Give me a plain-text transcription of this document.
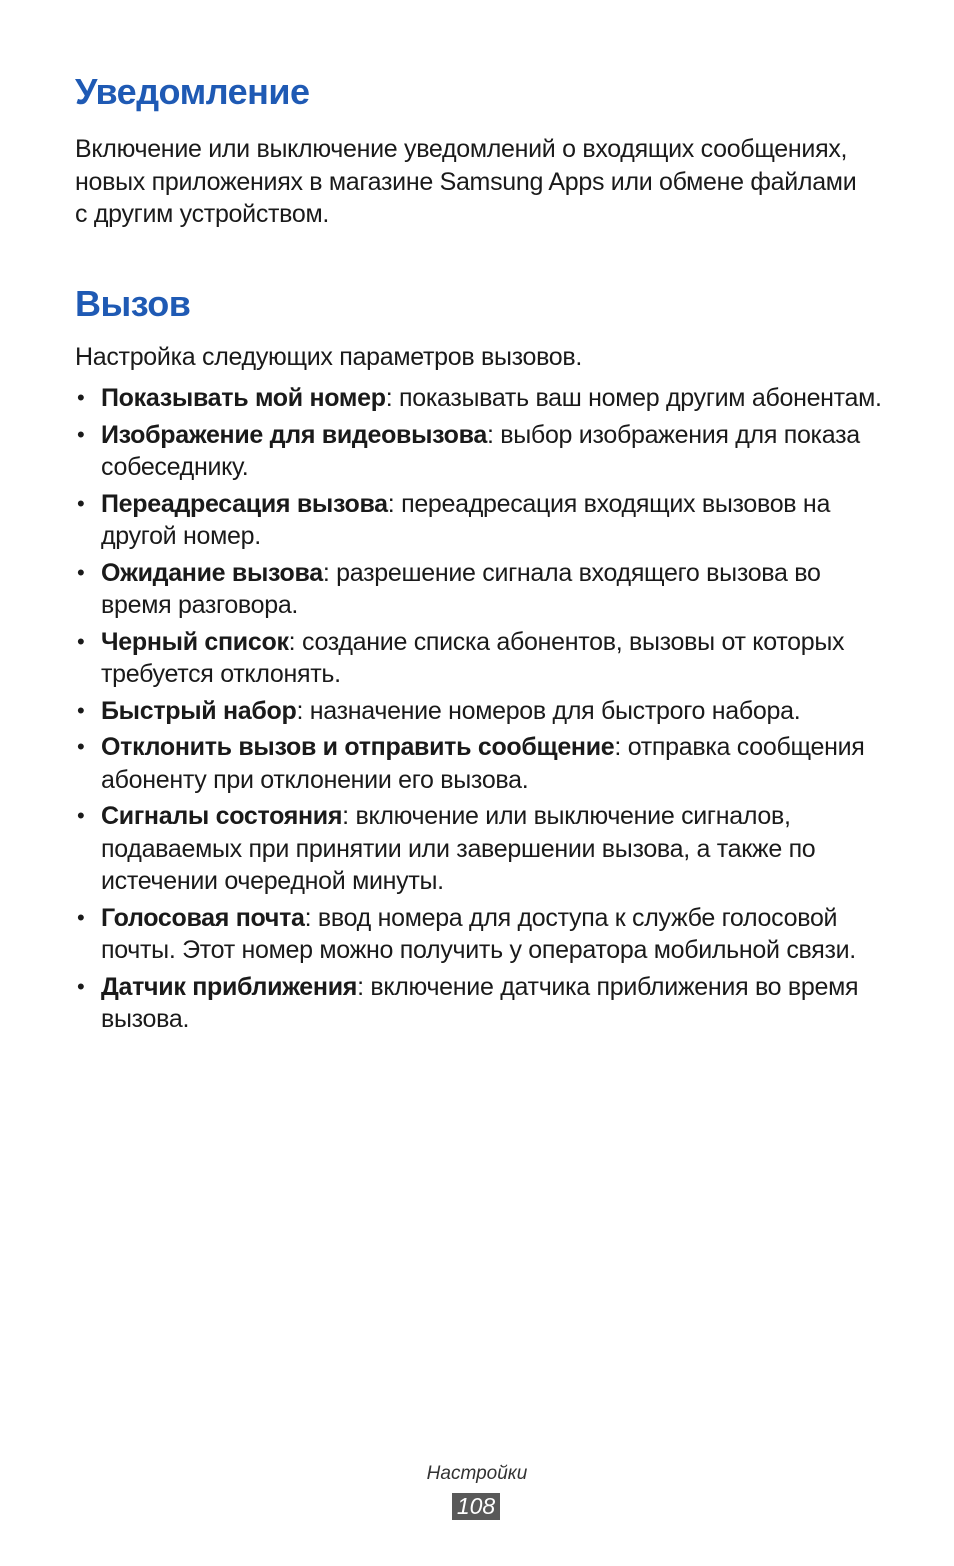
Уведомление

Включение или выключение уведомлений о входящих сообщениях, новых приложениях в магазине Samsung Apps или обмене файлами с другим устройством.

Вызов

Настройка следующих параметров вызовов.

• Показывать мой номер: показывать ваш номер другим абонентам.
• Изображение для видеовызова: выбор изображения для показа собеседнику.
• Переадресация вызова: переадресация входящих вызовов на другой номер.
• Ожидание вызова: разрешение сигнала входящего вызова во время разговора.
• Черный список: создание списка абонентов, вызовы от которых требуется отклонять.
• Быстрый набор: назначение номеров для быстрого набора.
• Отклонить вызов и отправить сообщение: отправка сообщения абоненту при отклонении его вызова.
• Сигналы состояния: включение или выключение сигналов, подаваемых при принятии или завершении вызова, а также по истечении очередной минуты.
• Голосовая почта: ввод номера для доступа к службе голосовой почты. Этот номер можно получить у оператора мобильной связи.
• Датчик приближения: включение датчика приближения во время вызова.
Настройки
108
